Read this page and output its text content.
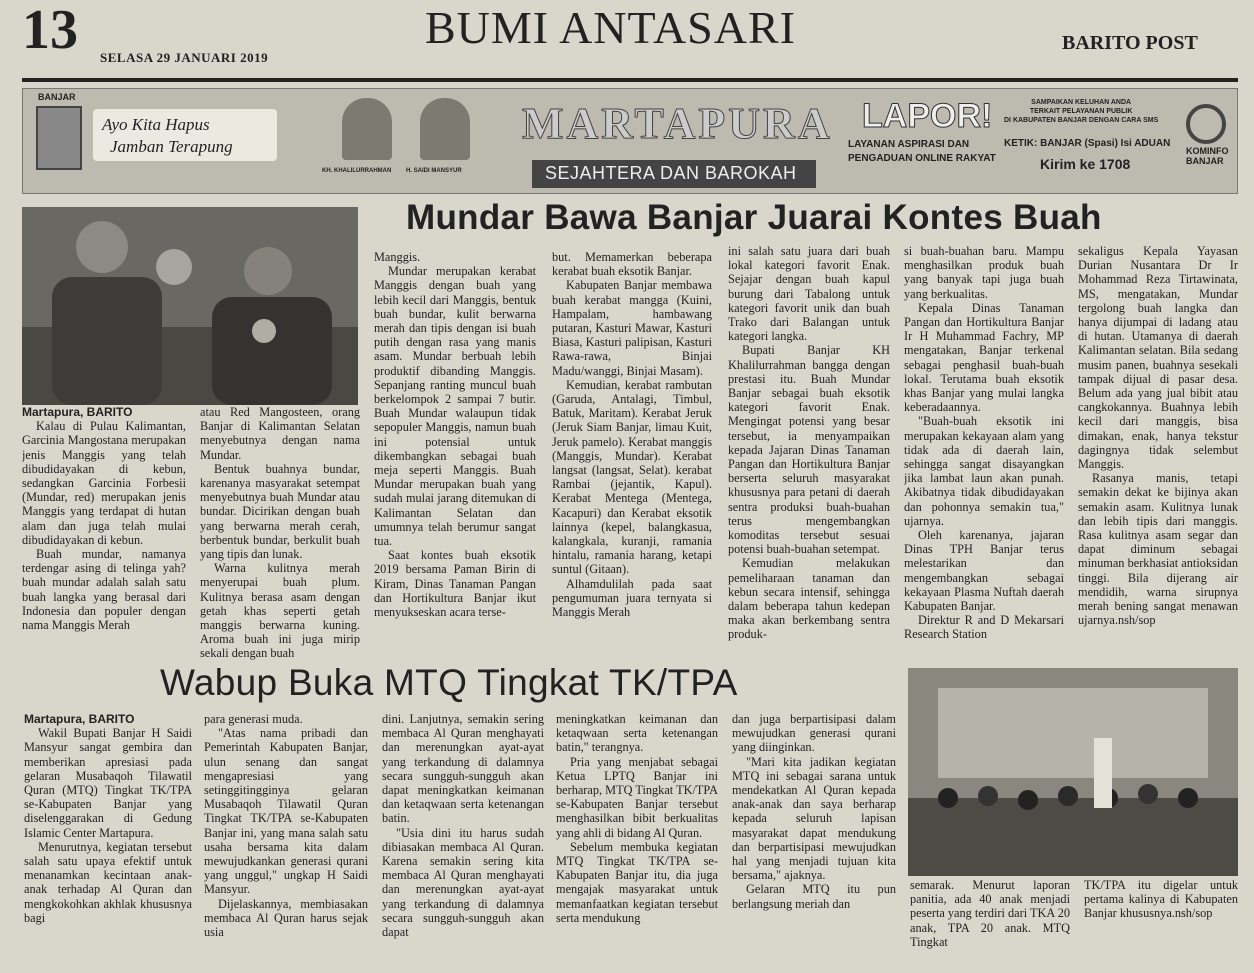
13 SELASA 29 JANUARI 2019
BUMI ANTASARI	BARITO POST
BANJAR
Ayo Kita Hapus
Jamban Terapung
KH. KHALILURRAHMAN H. SAIDI MANSYUR
MARTAPURA
SEJAHTERA DAN BAROKAH
LAPOR!
LAYANAN ASPIRASI DAN
PENGADUAN ONLINE RAKYAT
SAMPAIKAN KELUHAN ANDA
TERKAIT PELAYANAN PUBLIK
DI KABUPATEN BANJAR DENGAN CARA SMS
KETIK: BANJAR (Spasi) Isi ADUAN
Kirim ke 1708
KOMINFO BANJAR
Mundar Bawa Banjar Juarai Kontes Buah
Martapura, BARITO

Kalau di Pulau Kalimantan, Garcinia Mangostana merupakan jenis Manggis yang telah dibudidayakan di kebun, sedangkan Garcinia Forbesii (Mundar, red) merupakan jenis Manggis yang terdapat di hutan alam dan juga telah mulai dibudidayakan di kebun.

Buah mundar, namanya terdengar asing di telinga yah? buah mundar adalah salah satu buah langka yang berasal dari Indonesia dan populer dengan nama Manggis Merah

atau Red Mangosteen, orang Banjar di Kalimantan Selatan menyebutnya dengan nama Mundar.

Bentuk buahnya bundar, karenanya masyarakat setempat menyebutnya buah Mundar atau bundar. Dicirikan dengan buah yang berwarna merah cerah, berbentuk bundar, berkulit buah yang tipis dan lunak.

Warna kulitnya merah menyerupai buah plum. Kulitnya berasa asam dengan getah khas seperti getah manggis berwarna kuning. Aroma buah ini juga mirip sekali dengan buah

Manggis.

Mundar merupakan kerabat Manggis dengan buah yang lebih kecil dari Manggis, bentuk buah bundar, kulit berwarna merah dan tipis dengan isi buah putih dengan rasa yang manis asam. Mundar berbuah lebih produktif dibanding Manggis. Sepanjang ranting muncul buah berkelompok 2 sampai 7 butir. Buah Mundar walaupun tidak sepopuler Manggis, namun buah ini potensial untuk dikembangkan sebagai buah meja seperti Manggis. Buah Mundar merupakan buah yang sudah mulai jarang ditemukan di Kalimantan Selatan dan umumnya telah berumur sangat tua.

Saat kontes buah eksotik 2019 bersama Paman Birin di Kiram, Dinas Tanaman Pangan dan Hortikultura Banjar ikut menyukseskan acara terse-

but. Memamerkan beberapa kerabat buah eksotik Banjar.

Kabupaten Banjar membawa buah kerabat mangga (Kuini, Hampalam, hambawang putaran, Kasturi Mawar, Kasturi Biasa, Kasturi palipisan, Kasturi Rawa-rawa, Binjai Madu/wanggi, Binjai Masam).

Kemudian, kerabat rambutan (Garuda, Antalagi, Timbul, Batuk, Maritam). Kerabat Jeruk (Jeruk Siam Banjar, limau Kuit, Jeruk pamelo). Kerabat manggis (Manggis, Mundar). Kerabat langsat (langsat, Selat). kerabat Rambai (jejantik, Kapul). Kerabat Mentega (Mentega, Kacapuri) dan Kerabat eksotik lainnya (kepel, balangkasua, kalangkala, kuranji, ramania hintalu, ramania harang, ketapi suntul (Gitaan).

Alhamdulilah pada saat pengumuman juara ternyata si Manggis Merah

ini salah satu juara dari buah lokal kategori favorit Enak. Sejajar dengan buah kapul burung dari Tabalong untuk kategori favorit unik dan buah Trako dari Balangan untuk kategori langka.

Bupati Banjar KH Khalilurrahman bangga dengan prestasi itu. Buah Mundar Banjar sebagai buah eksotik kategori favorit Enak. Mengingat potensi yang besar tersebut, ia menyampaikan kepada Jajaran Dinas Tanaman Pangan dan Hortikultura Banjar berserta seluruh masyarakat khususnya para petani di daerah sentra produksi buah-buahan terus mengembangkan komoditas tersebut sesuai potensi buah-buahan setempat.

Kemudian melakukan pemeliharaan tanaman dan kebun secara intensif, sehingga dalam beberapa tahun kedepan maka akan berkembang sentra produk-

si buah-buahan baru. Mampu menghasilkan produk buah yang banyak tapi juga buah yang berkualitas.

Kepala Dinas Tanaman Pangan dan Hortikultura Banjar Ir H Muhammad Fachry, MP mengatakan, Banjar terkenal sebagai penghasil buah-buah lokal. Terutama buah eksotik khas Banjar yang mulai langka keberadaannya.

"Buah-buah eksotik ini merupakan kekayaan alam yang tidak ada di daerah lain, sehingga sangat disayangkan jika lambat laun akan punah. Akibatnya tidak dibudidayakan dan pohonnya semakin tua," ujarnya.

Oleh karenanya, jajaran Dinas TPH Banjar terus melestarikan dan mengembangkan sebagai kekayaan Plasma Nuftah daerah Kabupaten Banjar.

Direktur R and D Mekarsari Research Station

sekaligus Kepala Yayasan Durian Nusantara Dr Ir Mohammad Reza Tirtawinata, MS, mengatakan, Mundar tergolong buah langka dan hanya dijumpai di ladang atau di hutan. Utamanya di daerah Kalimantan selatan. Bila sedang musim panen, buahnya sesekali tampak dijual di pasar desa. Belum ada yang jual bibit atau cangkokannya. Buahnya lebih kecil dari manggis, bisa dimakan, enak, hanya tekstur dagingnya tidak selembut Manggis.

Rasanya manis, tetapi semakin dekat ke bijinya akan semakin asam. Kulitnya lunak dan lebih tipis dari manggis. Rasa kulitnya asam segar dan dapat diminum sebagai minuman berkhasiat antioksidan tinggi. Bila dijerang air mendidih, warna sirupnya merah bening sangat menawan ujarnya.nsh/sop

Wabup Buka MTQ Tingkat TK/TPA
Martapura, BARITO

Wakil Bupati Banjar H Saidi Mansyur sangat gembira dan memberikan apresiasi pada gelaran Musabaqoh Tilawatil Quran (MTQ) Tingkat TK/TPA se-Kabupaten Banjar yang diselenggarakan di Gedung Islamic Center Martapura.

Menurutnya, kegiatan tersebut salah satu upaya efektif untuk menanamkan kecintaan anak-anak terhadap Al Quran dan mengkokohkan akhlak khususnya bagi

para generasi muda.

"Atas nama pribadi dan Pemerintah Kabupaten Banjar, ulun senang dan sangat mengapresiasi yang setinggitingginya gelaran Musabaqoh Tilawatil Quran Tingkat TK/TPA se-Kabupaten Banjar ini, yang mana salah satu usaha bersama kita dalam mewujudkankan generasi qurani yang unggul," ungkap H Saidi Mansyur.

Dijelaskannya, membiasakan membaca Al Quran harus sejak usia

dini. Lanjutnya, semakin sering membaca Al Quran menghayati dan merenungkan ayat-ayat yang terkandung di dalamnya secara sungguh-sungguh akan dapat meningkatkan keimanan dan ketaqwaan serta ketenangan batin.

"Usia dini itu harus sudah dibiasakan membaca Al Quran. Karena semakin sering kita membaca Al Quran menghayati dan merenungkan ayat-ayat yang terkandung di dalamnya secara sungguh-sungguh akan dapat

meningkatkan keimanan dan ketaqwaan serta ketenangan batin," terangnya.

Pria yang menjabat sebagai Ketua LPTQ Banjar ini berharap, MTQ Tingkat TK/TPA se-Kabupaten Banjar tersebut menghasilkan bibit berkualitas yang ahli di bidang Al Quran.

Sebelum membuka kegiatan MTQ Tingkat TK/TPA se-Kabupaten Banjar itu, dia juga mengajak masyarakat untuk memanfaatkan kegiatan tersebut serta mendukung

dan juga berpartisipasi dalam mewujudkan generasi qurani yang diinginkan.

"Mari kita jadikan kegiatan MTQ ini sebagai sarana untuk mendekatkan Al Quran kepada anak-anak dan saya berharap kepada seluruh lapisan masyarakat dapat mendukung dan berpartisipasi mewujudkan hal yang menjadi tujuan kita bersama," ajaknya.

Gelaran MTQ itu pun berlangsung meriah dan

semarak. Menurut laporan panitia, ada 40 anak menjadi peserta yang terdiri dari TKA 20 anak, TPA 20 anak. MTQ Tingkat

TK/TPA itu digelar untuk pertama kalinya di Kabupaten Banjar khususnya.nsh/sop
